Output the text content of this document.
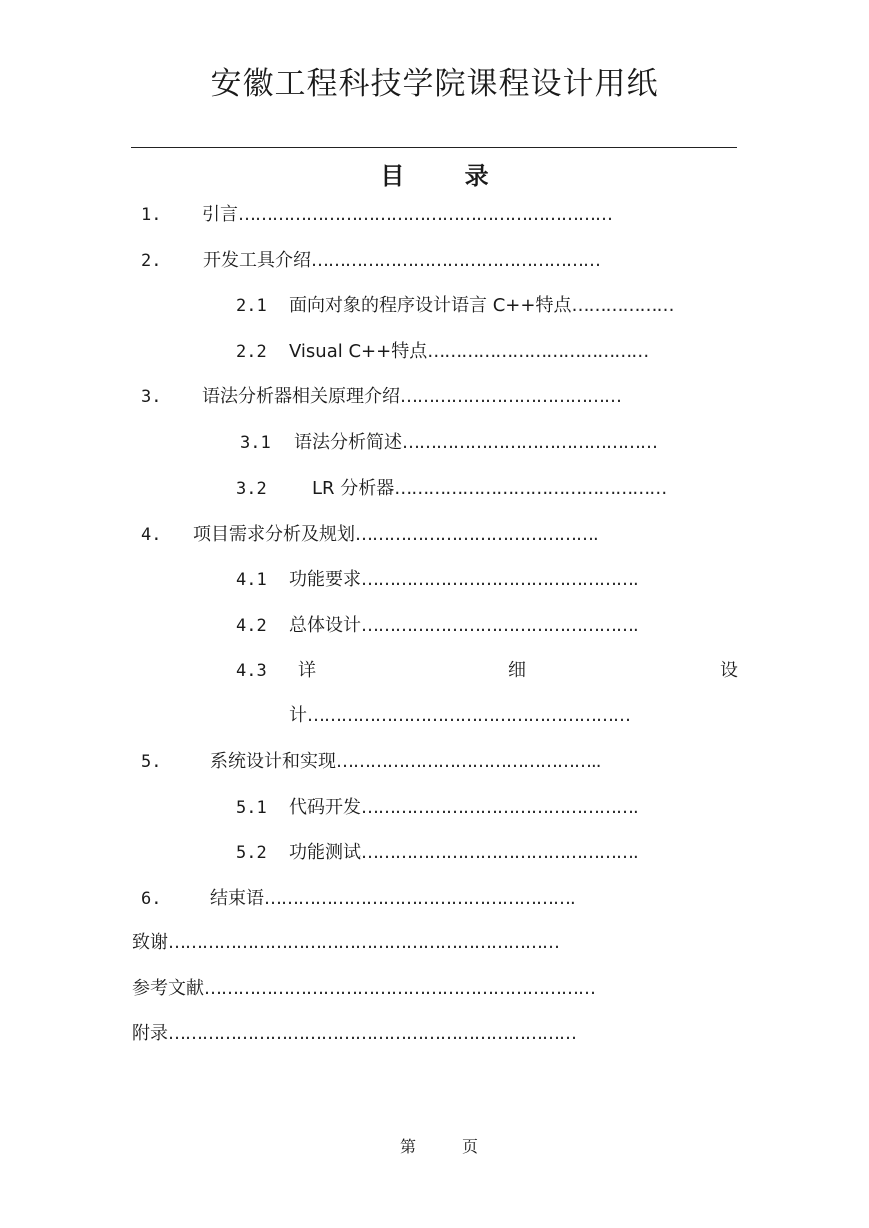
安徽工程科技学院课程设计用纸
目 录
1. 引言…………………………………………………………
2. 开发工具介绍……………………………………………
2.1 面向对象的程序设计语言 C++特点………………
2.2 Visual C++特点…………………………………
3. 语法分析器相关原理介绍…………………………………
3.1 语法分析简述………………………………………
3.2	LR 分析器…………………………………………
4. 项目需求分析及规划…………………………………….
4.1 功能要求………………………………………….
4.2 总体设计………………………………………….
4.3 详	细	设
计…………………………………………………
5.	系统设计和实现………………………………………..
5.1 代码开发………………………………………….
5.2 功能测试………………………………………….
6.	结束语……………………………………………….
致谢……………………………………………………………
参考文献……………………………………………………………
附录………………………………………………………………
第	页
